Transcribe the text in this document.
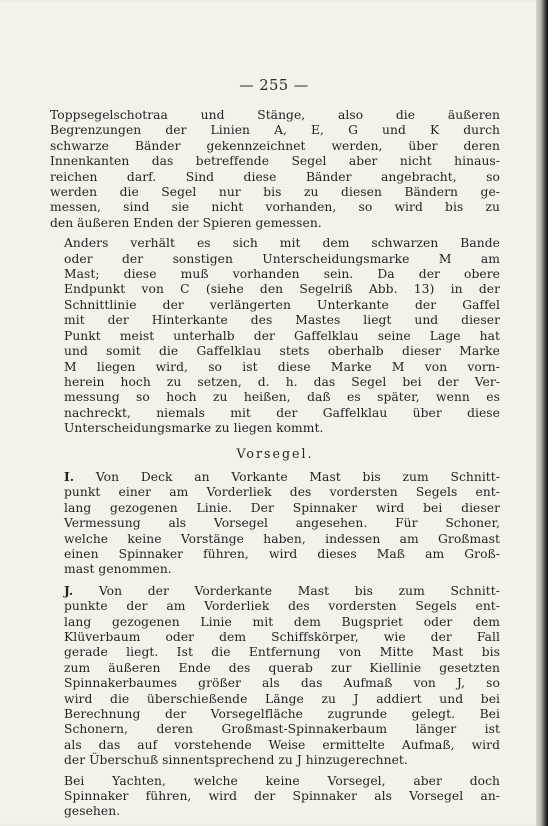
— 255 —

Toppsegelschotraa und Stänge, also die äußeren
Begrenzungen der Linien A, E, G und K durch
schwarze Bänder gekennzeichnet werden, über deren
Innenkanten das betreffende Segel aber nicht hinaus-
reichen darf. Sind diese Bänder angebracht, so
werden die Segel nur bis zu diesen Bändern ge-
messen, sind sie nicht vorhanden, so wird bis zu
den äußeren Enden der Spieren gemessen.

Anders verhält es sich mit dem schwarzen Bande
oder der sonstigen Unterscheidungsmarke M am
Mast; diese muß vorhanden sein. Da der obere
Endpunkt von C (siehe den Segelriß Abb. 13) in der
Schnittlinie der verlängerten Unterkante der Gaffel
mit der Hinterkante des Mastes liegt und dieser
Punkt meist unterhalb der Gaffelklau seine Lage hat
und somit die Gaffelklau stets oberhalb dieser Marke
M liegen wird, so ist diese Marke M von vorn-
herein hoch zu setzen, d. h. das Segel bei der Ver-
messung so hoch zu heißen, daß es später, wenn es
nachreckt, niemals mit der Gaffelklau über diese
Unterscheidungsmarke zu liegen kommt.

Vorsegel.

I. Von Deck an Vorkante Mast bis zum Schnitt-
punkt einer am Vorderliek des vordersten Segels ent-
lang gezogenen Linie. Der Spinnaker wird bei dieser
Vermessung als Vorsegel angesehen. Für Schoner,
welche keine Vorstänge haben, indessen am Großmast
einen Spinnaker führen, wird dieses Maß am Groß-
mast genommen.

J. Von der Vorderkante Mast bis zum Schnitt-
punkte der am Vorderliek des vordersten Segels ent-
lang gezogenen Linie mit dem Bugspriet oder dem
Klüverbaum oder dem Schiffskörper, wie der Fall
gerade liegt. Ist die Entfernung von Mitte Mast bis
zum äußeren Ende des querab zur Kiellinie gesetzten
Spinnakerbaumes größer als das Aufmaß von J, so
wird die überschießende Länge zu J addiert und bei
Berechnung der Vorsegelfläche zugrunde gelegt. Bei
Schonern, deren Großmast-Spinnakerbaum länger ist
als das auf vorstehende Weise ermittelte Aufmaß, wird
der Überschuß sinnentsprechend zu J hinzugerechnet.

Bei Yachten, welche keine Vorsegel, aber doch
Spinnaker führen, wird der Spinnaker als Vorsegel an-
gesehen.
